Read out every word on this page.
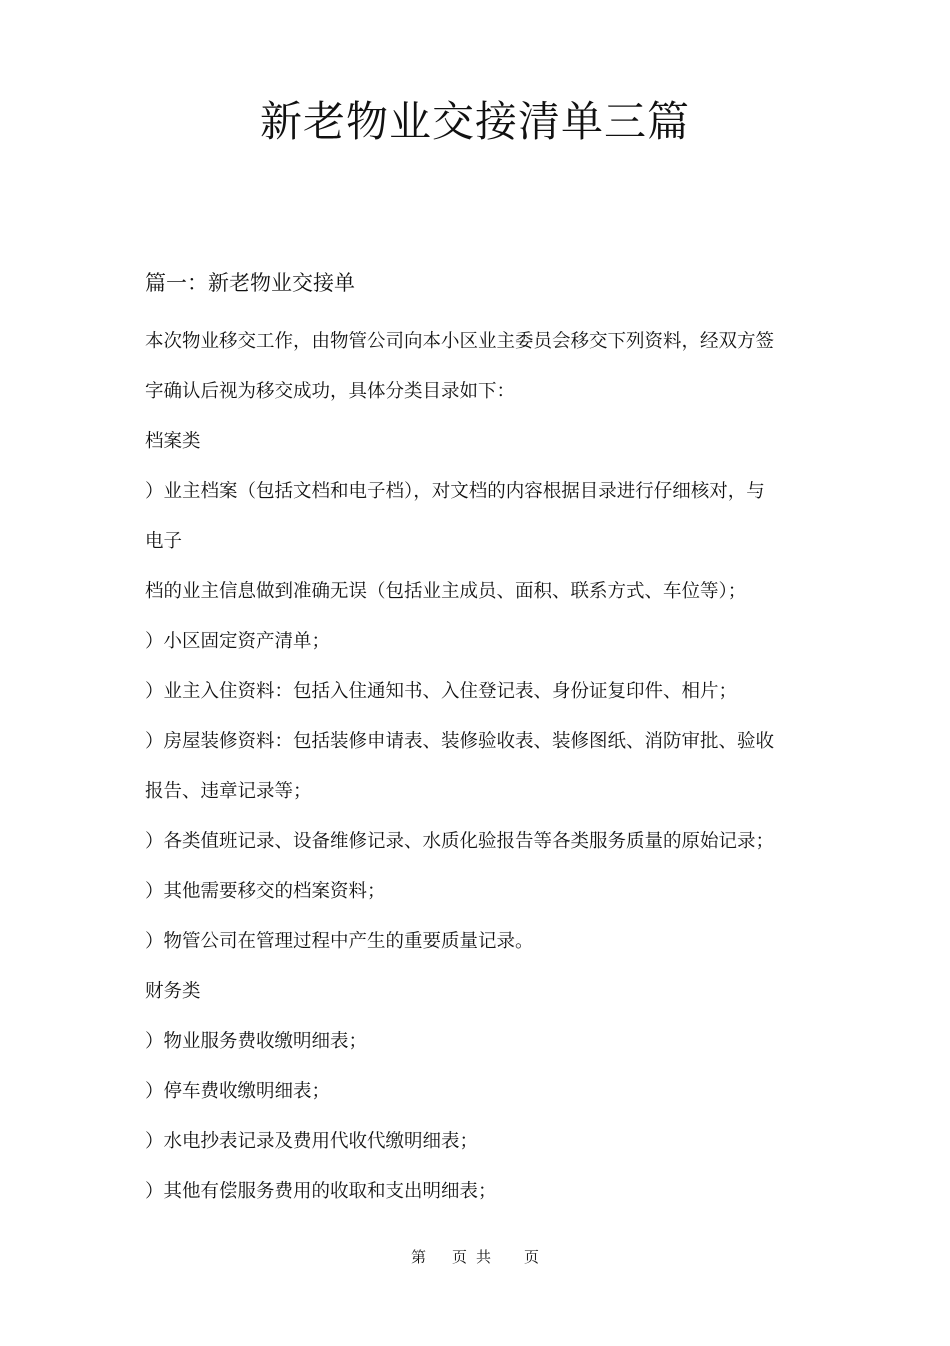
新老物业交接清单三篇
篇一：新老物业交接单
本次物业移交工作，由物管公司向本小区业主委员会移交下列资料，经双方签
字确认后视为移交成功，具体分类目录如下：
档案类
）业主档案（包括文档和电子档），对文档的内容根据目录进行仔细核对，与
电子
档的业主信息做到准确无误（包括业主成员、面积、联系方式、车位等）；
）小区固定资产清单；
）业主入住资料：包括入住通知书、入住登记表、身份证复印件、相片；
）房屋装修资料：包括装修申请表、装修验收表、装修图纸、消防审批、验收
报告、违章记录等；
）各类值班记录、设备维修记录、水质化验报告等各类服务质量的原始记录；
）其他需要移交的档案资料；
）物管公司在管理过程中产生的重要质量记录。
财务类
）物业服务费收缴明细表；
）停车费收缴明细表；
）水电抄表记录及费用代收代缴明细表；
）其他有偿服务费用的收取和支出明细表；
第 页 共 页
